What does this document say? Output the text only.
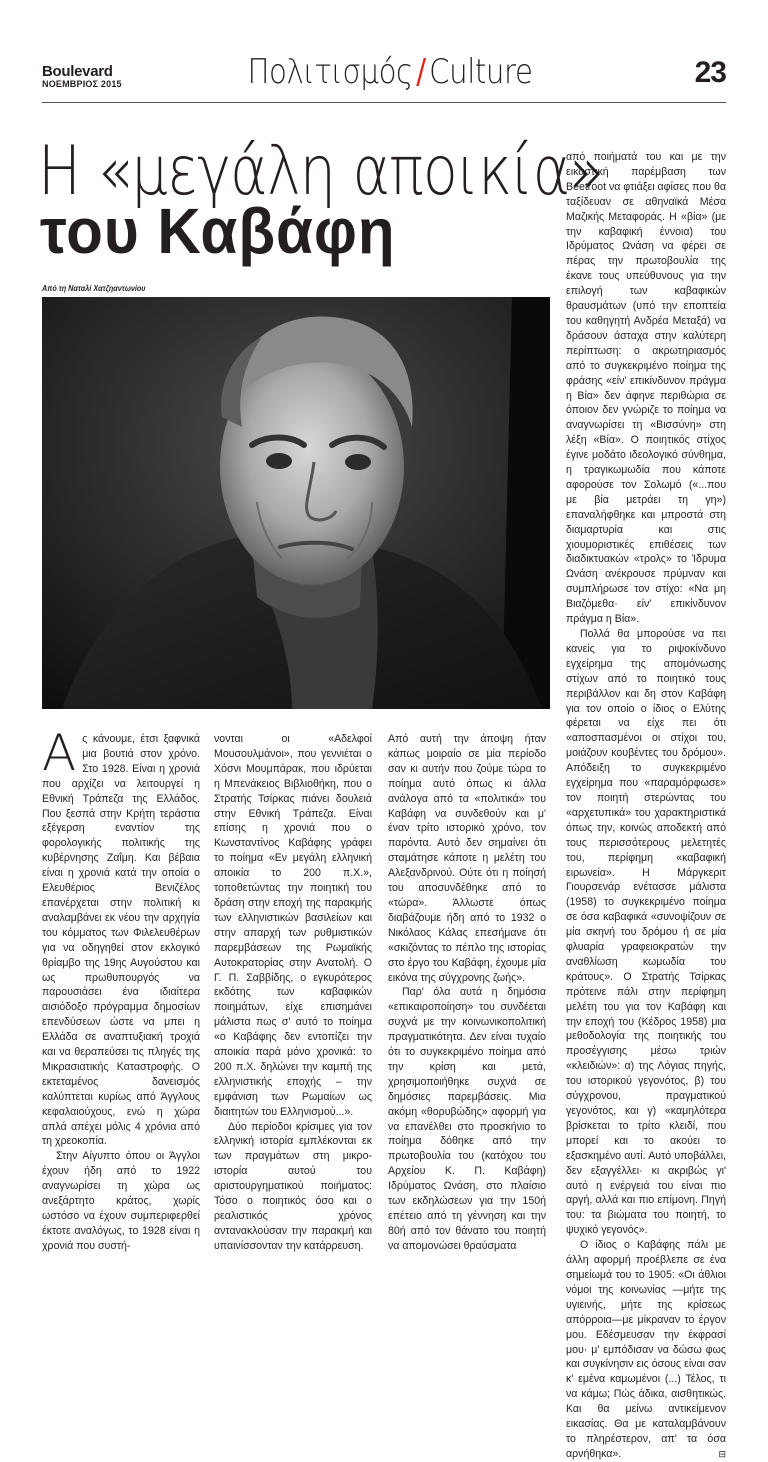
Boulevard
ΝΟΕΜΒΡΙΟΣ 2015	Πολιτισμός / Culture	23
Η «μεγάλη αποικία»
του Καβάφη
Από τη Ναταλί Χατζηαντωνίου

από ποιήματά του και με την εικαστική παρέμβαση των Beetroot να φτιάξει αφίσες που θα ταξίδευαν σε αθηναϊκά Μέσα Μαζικής Μεταφοράς. Η «βία» (με την καβαφική έννοια) του Ιδρύματος Ωνάση να φέρει σε πέρας την πρωτοβουλία της έκανε τους υπεύθυνους για την επιλογή των καβαφικών θραυσμάτων (υπό την εποπτεία του καθηγητή Ανδρέα Μεταξά) να δράσουν άσταχα στην καλύτερη περίπτωση: ο ακρωτηριασμός από το συγκεκριμένο ποίημα της φράσης «είν' επικίνδυνον πράγμα η Βία» δεν άφηνε περιθώρια σε όποιον δεν γνώριζε το ποίημα να αναγνωρίσει τη «Βισσύνη» στη λέξη «Βία». Ο ποιητικός στίχος έγινε μοδάτο ιδεολογικό σύνθημα, η τραγικωμωδία που κάποτε αφορούσε τον Σολωμό («...που με βία μετράει τη γη») επαναλήφθηκε και μπροστά στη διαμαρτυρία και στις χιουμοριστικές επιθέσεις των διαδικτυακών «τρολς» το Ίδρυμα Ωνάση ανέκρουσε πρύμναν και συμπλήρωσε τον στίχο: «Να μη Βιαζόμεθα· είν' επικίνδυνον πράγμα η Βία».

Πολλά θα μπορούσε να πει κανείς για το ριψοκίνδυνο εγχείρημα της απομόνωσης στίχων από το ποιητικό τους περιβάλλον και δη στον Καβάφη για τον οποίο ο ίδιος ο Ελύτης φέρεται να είχε πει ότι «αποσπασμένοι οι στίχοι του, μοιάζουν κουβέντες του δρόμου». Απόδειξη το συγκεκριμένο εγχείρημα που «παραμόρφωσε» τον ποιητή στερώντας του «αρχετυπικά» του χαρακτηριστικά όπως την, κοινώς αποδεκτή από τους περισσότερους μελετητές του, περίφημη «καβαφική ειρωνεία». Η Μάργκεριτ Γιουρσενάρ ενέτασσε μάλιστα (1958) το συγκεκριμένο ποίημα σε όσα καβαφικά «συνοψίζουν σε μία σκηνή του δρόμου ή σε μία φλυαρία γραφειοκρατών την αναθλίωση κωμωδία του κράτους». Ο Στρατής Τσίρκας πρότεινε πάλι στην περίφημη μελέτη του για τον Καβάφη και την εποχή του (Κέδρος 1958) μια μεθοδολογία της ποιητικής του προσέγγισης μέσω τριών «κλειδιών»: α) της Λόγιας πηγής, του ιστορικού γεγονότος, β) του σύγχρονου, πραγματικού γεγονότος, και γ) «καμηλότερα βρίσκεται το τρίτο κλειδί, που μπορεί και το ακούει το εξασκημένο αυτί. Αυτό υποβάλλει, δεν εξαγγέλλει· κι ακριβώς γι' αυτό η ενέργειά του είναι πιο αργή, αλλά και πιο επίμονη. Πηγή του: τα βιώματα του ποιητή, το ψυχικό γεγονός».

Ο ίδιος ο Καβάφης πάλι με άλλη αφορμή προέβλεπε σε ένα σημείωμά του το 1905: «Οι άθλιοι νόμοι της κοινωνίας —μήτε της υγιεινής, μήτε της κρίσεως απόρροια—με μίκραναν το έργον μου. Εδέσμευσαν την έκφρασί μου· μ' εμπόδισαν να δώσω φως και συγκίνησιν εις όσους είναι σαν κ' εμένα καμωμένοι (...) Τέλος, τι να κάμω; Πώς άδικα, αισθητικώς. Και θα μείνω αντικείμενον εικασίας. Θα με καταλαμβάνουν το πληρέστερον, απ' τα όσα αρνήθηκα».	⊟

Ας κάνουμε, έτσι ξαφνικά μια βουτιά στον χρόνο. Στο 1928. Είναι η χρονιά που αρχίζει να λειτουργεί η Εθνική Τράπεζα της Ελλάδος. Που ξεσπά στην Κρήτη τεράστια εξέγερση εναντίον της φορολογικής πολιτικής της κυβέρνησης Ζαΐμη. Και βέβαια είναι η χρονιά κατά την οποία ο Ελευθέριος Βενιζέλος επανέρχεται στην πολιτική κι αναλαμβάνει εκ νέου την αρχηγία του κόμματος των Φιλελευθέρων για να οδηγηθεί στον εκλογικό θρίαμβο της 19ης Αυγούστου και ως πρωθυπουργός να παρουσιάσει ένα ιδιαίτερα αισιόδοξο πρόγραμμα δημοσίων επενδύσεων ώστε να μπει η Ελλάδα σε αναπτυξιακή τροχιά και να θεραπεύσει τις πληγές της Μικρασιατικής Καταστροφής. Ο εκτεταμένος δανεισμός καλύπτεται κυρίως από Άγγλους κεφαλαιούχους, ενώ η χώρα απλά απέχει μόλις 4 χρόνια από τη χρεοκοπία.

Στην Αίγυπτο όπου οι Άγγλοι έχουν ήδη από το 1922 αναγνωρίσει τη χώρα ως ανεξάρτητο κράτος, χωρίς ωστόσο να έχουν συμπεριφερθεί έκτοτε αναλόγως, το 1928 είναι η χρονιά που συστή-

νονται οι «Αδελφοί Μουσουλμάνοι», που γεννιέται ο Χόσνι Μουμπάρακ, που ιδρύεται η Μπενάκειος Βιβλιοθήκη, που ο Στρατής Τσίρκας πιάνει δουλειά στην Εθνική Τράπεζα. Είναι επίσης η χρονιά που ο Κωνσταντίνος Καβάφης γράφει το ποίημα «Εν μεγάλη ελληνική αποικία το 200 π.Χ.», τοποθετώντας την ποιητική του δράση στην εποχή της παρακμής των ελληνιστικών βασιλείων και στην απαρχή των ρυθμιστικών παρεμβάσεων της Ρωμαϊκής Αυτοκρατορίας στην Ανατολή. Ο Γ. Π. Σαββίδης, ο εγκυρότερος εκδότης των καβαφικών ποιημάτων, είχε επισημάνει μάλιστα πως σ' αυτό το ποίημα «ο Καβάφης δεν εντοπίζει την αποικία παρά μόνο χρονικά: το 200 π.Χ. δηλώνει την καμπή της ελληνιστικής εποχής – την εμφάνιση των Ρωμαίων ως διαιτητών του Ελληνισμού...».

Δύο περίοδοι κρίσιμες για τον ελληνική ιστορία εμπλέκονται εκ των πραγμάτων στη μικρο-ιστορία αυτού του αριστουργηματικού ποιήματος: Τόσο ο ποιητικός όσο και ο ρεαλιστικός χρόνος αντανακλούσαν την παρακμή και υπαινίσσονταν την κατάρρευση.

Από αυτή την άποψη ήταν κάπως μοιραίο σε μία περίοδο σαν κι αυτήν που ζούμε τώρα το ποίημα αυτό όπως κι άλλα ανάλογα από τα «πολιτικά» του Καβάφη να συνδεθούν και μ' έναν τρίτο ιστορικό χρόνο, τον παρόντα. Αυτό δεν σημαίνει ότι σταμάτησε κάποτε η μελέτη του Αλεξανδρινού. Ούτε ότι η ποίησή του αποσυνδέθηκε από το «τώρα». Άλλωστε όπως διαβάζουμε ήδη από το 1932 ο Νικόλαος Κάλας επεσήμανε ότι «σκιζόντας το πέπλο της ιστορίας στο έργο του Καβάφη, έχουμε μία εικόνα της σύγχρονης ζωής».

Παρ' όλα αυτά η δημόσια «επικαιροποίηση» του συνδέεται συχνά με την κοινωνικοπολιτική πραγματικότητα. Δεν είναι τυχαίο ότι το συγκεκριμένο ποίημα από την κρίση και μετά, χρησιμοποιήθηκε συχνά σε δημόσιες παρεμβάσεις. Μια ακόμη «θορυβώδης» αφορμή για να επανέλθει στο προσκήνιο το ποίημα δόθηκε από την πρωτοβουλία του (κατόχου του Αρχείου Κ. Π. Καβάφη) Ιδρύματος Ωνάση, στο πλαίσιο των εκδηλώσεων για την 150ή επέτειο από τη γέννηση και την 80ή από τον θάνατο του ποιητή να απομονώσει θραύσματα
